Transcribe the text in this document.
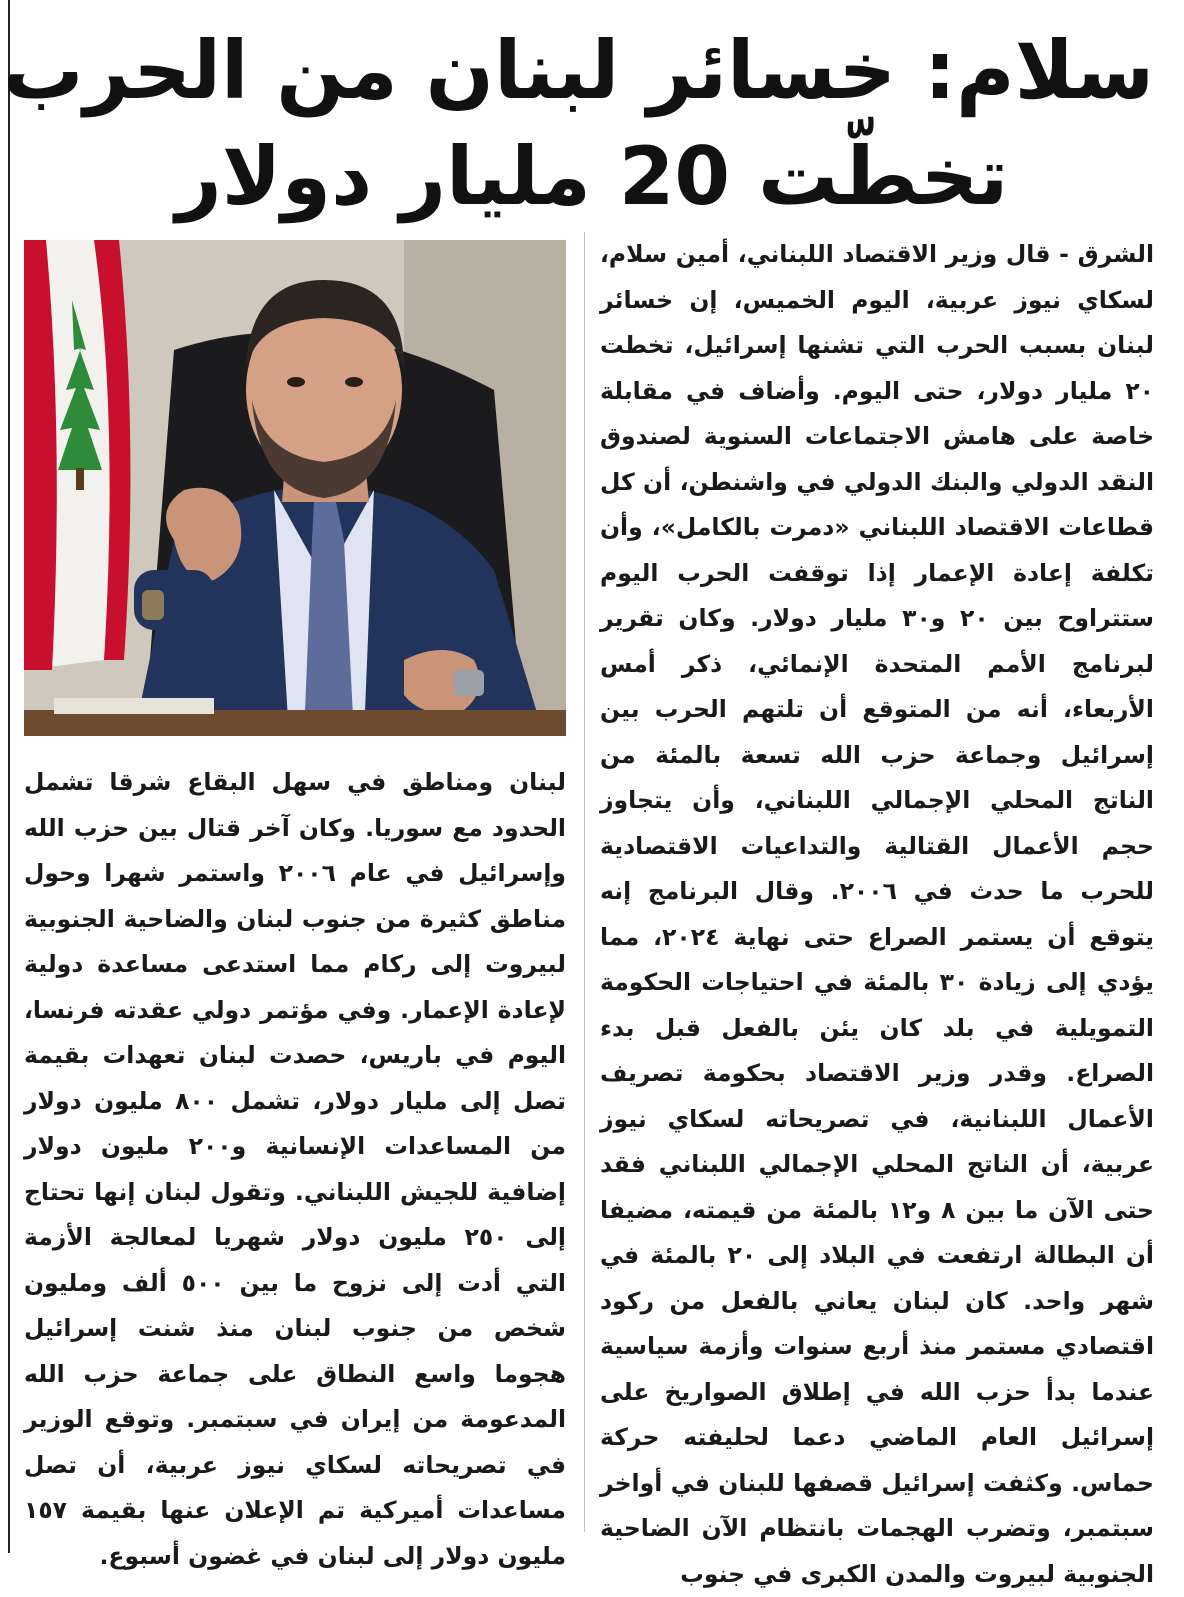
سلام: خسائر لبنان من الحرب
تخطّت 20 مليار دولار

الشرق - قال وزير الاقتصاد اللبناني، أمين سلام، لسكاي نيوز عربية، اليوم الخميس، إن خسائر لبنان بسبب الحرب التي تشنها إسرائيل، تخطت ٢٠ مليار دولار، حتى اليوم. وأضاف في مقابلة خاصة على هامش الاجتماعات السنوية لصندوق النقد الدولي والبنك الدولي في واشنطن، أن كل قطاعات الاقتصاد اللبناني «دمرت بالكامل»، وأن تكلفة إعادة الإعمار إذا توقفت الحرب اليوم ستتراوح بين ٢٠ و٣٠ مليار دولار. وكان تقرير لبرنامج الأمم المتحدة الإنمائي، ذكر أمس الأربعاء، أنه من المتوقع أن تلتهم الحرب بين إسرائيل وجماعة حزب الله تسعة بالمئة من الناتج المحلي الإجمالي اللبناني، وأن يتجاوز حجم الأعمال القتالية والتداعيات الاقتصادية للحرب ما حدث في ٢٠٠٦. وقال البرنامج إنه يتوقع أن يستمر الصراع حتى نهاية ٢٠٢٤، مما يؤدي إلى زيادة ٣٠ بالمئة في احتياجات الحكومة التمويلية في بلد كان يئن بالفعل قبل بدء الصراع. وقدر وزير الاقتصاد بحكومة تصريف الأعمال اللبنانية، في تصريحاته لسكاي نيوز عربية، أن الناتج المحلي الإجمالي اللبناني فقد حتى الآن ما بين ٨ و١٢ بالمئة من قيمته، مضيفا أن البطالة ارتفعت في البلاد إلى ٢٠ بالمئة في شهر واحد. كان لبنان يعاني بالفعل من ركود اقتصادي مستمر منذ أربع سنوات وأزمة سياسية عندما بدأ حزب الله في إطلاق الصواريخ على إسرائيل العام الماضي دعما لحليفته حركة حماس. وكثفت إسرائيل قصفها للبنان في أواخر سبتمبر، وتضرب الهجمات بانتظام الآن الضاحية الجنوبية لبيروت والمدن الكبرى في جنوب

لبنان ومناطق في سهل البقاع شرقا تشمل الحدود مع سوريا. وكان آخر قتال بين حزب الله وإسرائيل في عام ٢٠٠٦ واستمر شهرا وحول مناطق كثيرة من جنوب لبنان والضاحية الجنوبية لبيروت إلى ركام مما استدعى مساعدة دولية لإعادة الإعمار. وفي مؤتمر دولي عقدته فرنسا، اليوم في باريس، حصدت لبنان تعهدات بقيمة تصل إلى مليار دولار، تشمل ٨٠٠ مليون دولار من المساعدات الإنسانية و٢٠٠ مليون دولار إضافية للجيش اللبناني. وتقول لبنان إنها تحتاج إلى ٢٥٠ مليون دولار شهريا لمعالجة الأزمة التي أدت إلى نزوح ما بين ٥٠٠ ألف ومليون شخص من جنوب لبنان منذ شنت إسرائيل هجوما واسع النطاق على جماعة حزب الله المدعومة من إيران في سبتمبر. وتوقع الوزير في تصريحاته لسكاي نيوز عربية، أن تصل مساعدات أميركية تم الإعلان عنها بقيمة ١٥٧ مليون دولار إلى لبنان في غضون أسبوع.
